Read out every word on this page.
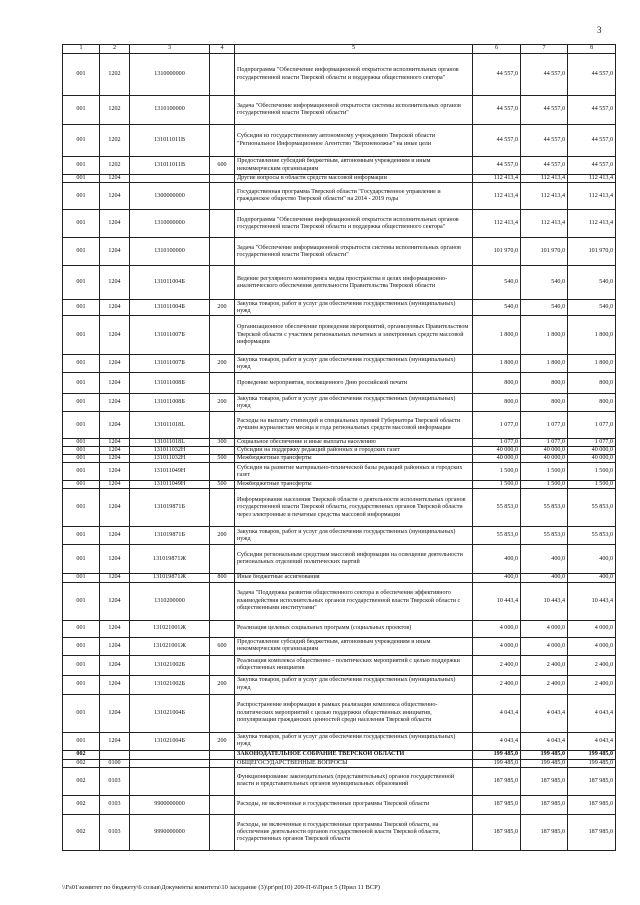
3
1	2	3	4	5	6	7	8
001	1202	1310000000		Подпрограмма "Обеспечение информационной открытости исполнительных органов государственной власти Тверской области и поддержка общественного сектора"	44 557,0	44 557,0	44 557,0
001	1202	1310100000		Задача "Обеспечение информационной открытости системы исполнительных органов государственной власти Тверской области"	44 557,0	44 557,0	44 557,0
001	1202	131011011В		Субсидия из государственному автономному учреждению Тверской области "Региональное Информационное Агентство "Верхневолжье" на иные цели	44 557,0	44 557,0	44 557,0
001	1202	131011011В	600	Предоставление субсидий бюджетным, автономным учреждениям и иным некоммерческим организациям	44 557,0	44 557,0	44 557,0
001	1204			Другие вопросы в области средств массовой информации	112 413,4	112 413,4	112 413,4
001	1204	1300000000		Государственная программа Тверской области "Государственное управление и гражданское общество Тверской области" на 2014 - 2019 годы	112 413,4	112 413,4	112 413,4
001	1204	1310000000		Подпрограмма "Обеспечение информационной открытости исполнительных органов государственной власти Тверской области и поддержка общественного сектора"	112 413,4	112 413,4	112 413,4
001	1204	1310100000		Задача "Обеспечение информационной открытости системы исполнительных органов государственной власти Тверской области"	101 970,0	101 970,0	101 970,0
001	1204	131011004Б		Ведение регулярного мониторинга медиа пространства в целях информационно-аналитического обеспечения деятельности Правительства Тверской области	540,0	540,0	540,0
001	1204	131011004Б	200	Закупка товаров, работ и услуг для обеспечения государственных (муниципальных) нужд	540,0	540,0	540,0
001	1204	131011007Б		Организационное обеспечение проведения мероприятий, организуемых Правительством Тверской области с участием региональных печатных и электронных средств массовой информации	1 800,0	1 800,0	1 800,0
001	1204	131011007Б	200	Закупка товаров, работ и услуг для обеспечения государственных (муниципальных) нужд	1 800,0	1 800,0	1 800,0
001	1204	131011008Б		Проведение мероприятия, посвященного Дню российской печати	800,0	800,0	800,0
001	1204	131011008Б	200	Закупка товаров, работ и услуг для обеспечения государственных (муниципальных) нужд	800,0	800,0	800,0
001	1204	131011018L		Расходы на выплату стипендий и специальных премий Губернатора Тверской области лучшим журналистам месяца и года региональных средств массовой информации	1 077,0	1 077,0	1 077,0
001	1204	131011018L	300	Социальное обеспечение и иные выплаты населению	1 077,0	1 077,0	1 077,0
001	1204	131011032Н		Субсидии на поддержку редакций районных и городских газет	40 000,0	40 000,0	40 000,0
001	1204	131011032Н	500	Межбюджетные трансферты	40 000,0	40 000,0	40 000,0
001	1204	131011049Н		Субсидия на развитие материально-технической базы редакций районных и городских газет	1 500,0	1 500,0	1 500,0
001	1204	131011049Н	500	Межбюджетные трансферты	1 500,0	1 500,0	1 500,0
001	1204	131019871Б		Информирование населения Тверской области о деятельности исполнительных органов государственной власти Тверской области, государственных органов Тверской области через электронные и печатные средства массовой информации	55 853,0	55 853,0	55 853,0
001	1204	131019871Б	200	Закупка товаров, работ и услуг для обеспечения государственных (муниципальных) нужд	55 853,0	55 853,0	55 853,0
001	1204	131019871Ж		Субсидии региональным средствам массовой информации на освещение деятельности региональных отделений политических партий	400,0	400,0	400,0
001	1204	131019871Ж	800	Иные бюджетные ассигнования	400,0	400,0	400,0
001	1204	1310200000		Задача "Поддержка развития общественного сектора и обеспечения эффективного взаимодействия исполнительных органов государственной власти Тверской области с общественными институтами"	10 443,4	10 443,4	10 443,4
001	1204	131021001Ж		Реализация целевых социальных программ (социальных проектов)	4 000,0	4 000,0	4 000,0
001	1204	131021001Ж	600	Предоставление субсидий бюджетным, автономным учреждениям и иным некоммерческим организациям	4 000,0	4 000,0	4 000,0
001	1204	131021002Б		Реализация комплекса общественно - политических мероприятий с целью поддержки общественных инициатив	2 400,0	2 400,0	2 400,0
001	1204	131021002Б	200	Закупка товаров, работ и услуг для обеспечения государственных (муниципальных) нужд	2 400,0	2 400,0	2 400,0
001	1204	131021004Б		Распространение информации в рамках реализации комплекса общественно-политических мероприятий с целью поддержки общественных инициатив, популяризации гражданских ценностей среди населения Тверской области	4 043,4	4 043,4	4 043,4
001	1204	131021004Б	200	Закупка товаров, работ и услуг для обеспечения государственных (муниципальных) нужд	4 043,4	4 043,4	4 043,4
002				ЗАКОНОДАТЕЛЬНОЕ СОБРАНИЕ ТВЕРСКОЙ ОБЛАСТИ	199 485,0	199 485,0	199 485,0
002	0100			ОБЩЕГОСУДАРСТВЕННЫЕ ВОПРОСЫ	199 485,0	199 485,0	199 485,0
002	0103			Функционирование законодательных (представительных) органов государственной власти и представительных органов муниципальных образований	187 985,0	187 985,0	187 985,0
002	0103	9900000000		Расходы, не включенные в государственные программы Тверской области	187 985,0	187 985,0	187 985,0
002	0103	9990000000		Расходы, не включенные в государственные программы Тверской области, на обеспечение деятельности органов государственной власти Тверской области, государственных органов Тверской области	187 985,0	187 985,0	187 985,0
\\Fs01\комитет по бюджету\6 созыв\Документы комитета\10 заседание (3)\pr\рп(10) 209-П-6\Прил 5 (Прил 11 ВСР)
